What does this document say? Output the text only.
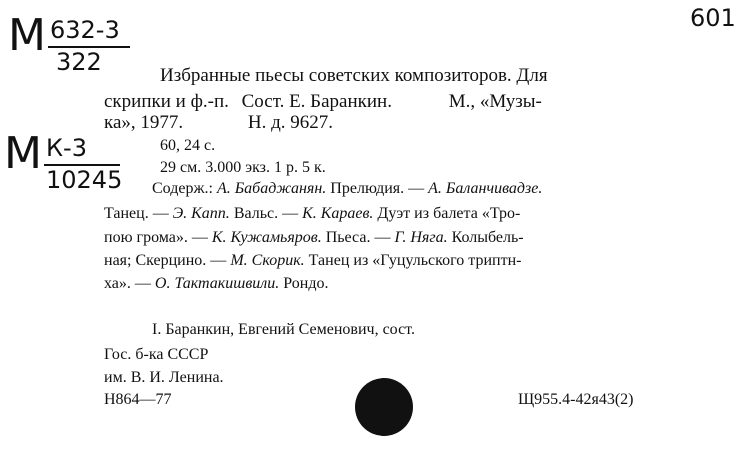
М 632-3
322
М К-3
10245
601
Избранные пьесы советских композиторов. Для
скрипки и ф.-п. Сост. Е. Баранкин.	М., «Музы-
ка», 1977.	Н. д. 9627.
60, 24 с.
29 см. 3.000 экз. 1 р. 5 к.
Содерж.: А. Бабаджанян. Прелюдия. — А. Баланчивадзе.
Танец. — Э. Капп. Вальс. — К. Караев. Дуэт из балета «Тро-
пою грома». — К. Кужамьяров. Пьеса. — Г. Няга. Колыбель-
ная; Скерцино. — М. Скорик. Танец из «Гуцульского триптн-
ха». — О. Тактакишвили. Рондо.
I. Баранкин, Евгений Семенович, сост.
Гос. б-ка СССР
им. В. И. Ленина.
Н864—77	Щ955.4-42я43(2)
